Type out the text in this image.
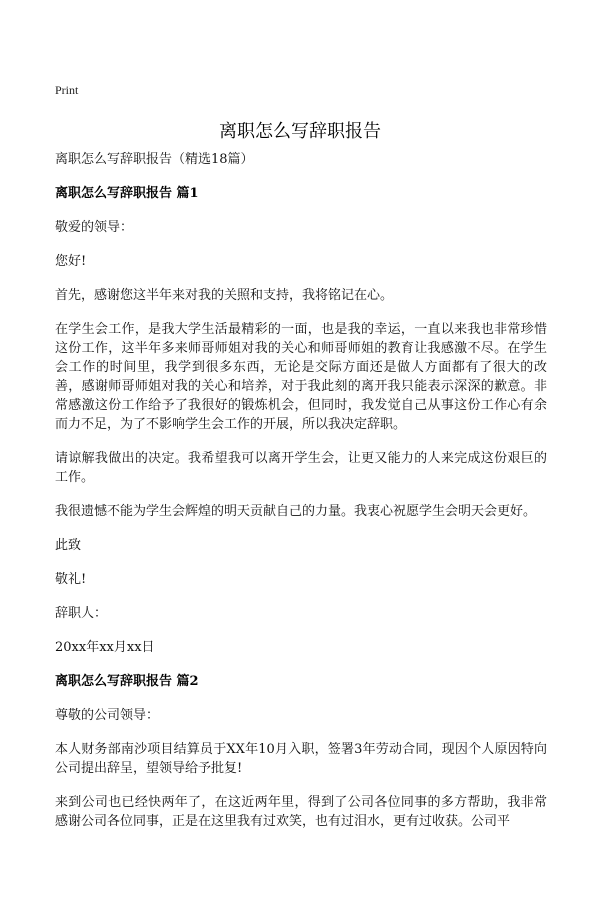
Print
离职怎么写辞职报告

离职怎么写辞职报告（精选18篇）

离职怎么写辞职报告 篇1

敬爱的领导：

您好!

首先，感谢您这半年来对我的关照和支持，我将铭记在心。

在学生会工作，是我大学生活最精彩的一面，也是我的幸运，一直以来我也非常珍惜这份工作，这半年多来师哥师姐对我的关心和师哥师姐的教育让我感激不尽。在学生会工作的时间里，我学到很多东西，无论是交际方面还是做人方面都有了很大的改善，感谢师哥师姐对我的关心和培养，对于我此刻的离开我只能表示深深的歉意。非常感激这份工作给予了我很好的锻炼机会，但同时，我发觉自己从事这份工作心有余而力不足，为了不影响学生会工作的开展，所以我决定辞职。

请谅解我做出的决定。我希望我可以离开学生会，让更又能力的人来完成这份艰巨的工作。

我很遗憾不能为学生会辉煌的明天贡献自己的力量。我衷心祝愿学生会明天会更好。

此致

敬礼!

辞职人：

20xx年xx月xx日

离职怎么写辞职报告 篇2

尊敬的公司领导：

本人财务部南沙项目结算员于XX年10月入职，签署3年劳动合同，现因个人原因特向公司提出辞呈，望领导给予批复!

来到公司也已经快两年了，在这近两年里，得到了公司各位同事的多方帮助，我非常感谢公司各位同事，正是在这里我有过欢笑，也有过泪水，更有过收获。公司平
